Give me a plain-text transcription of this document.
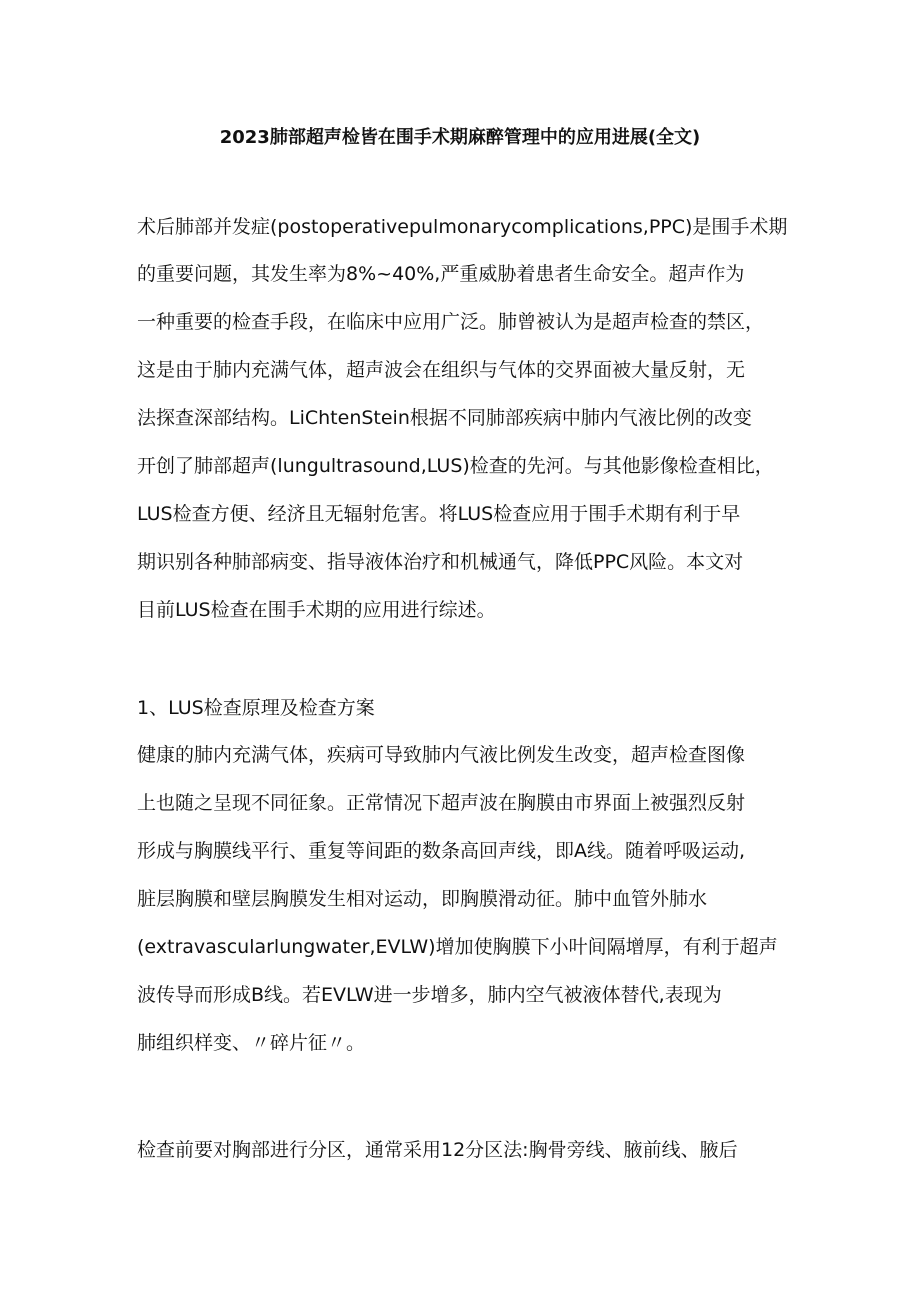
2023肺部超声检皆在围手术期麻醉管理中的应用进展(全文)
术后肺部并发症(postoperativepulmonarycomplications,PPC)是围手术期
的重要问题，其发生率为8%~40%,严重威胁着患者生命安全。超声作为
一种重要的检查手段，在临床中应用广泛。肺曾被认为是超声检查的禁区，
这是由于肺内充满气体，超声波会在组织与气体的交界面被大量反射，无
法探查深部结构。LiChtenStein根据不同肺部疾病中肺内气液比例的改变
开创了肺部超声(lungultrasound,LUS)检查的先河。与其他影像检查相比，
LUS检查方便、经济且无辐射危害。将LUS检查应用于围手术期有利于早
期识别各种肺部病变、指导液体治疗和机械通气，降低PPC风险。本文对
目前LUS检查在围手术期的应用进行综述。
1、LUS检查原理及检查方案
健康的肺内充满气体，疾病可导致肺内气液比例发生改变，超声检查图像
上也随之呈现不同征象。正常情况下超声波在胸膜由市界面上被强烈反射
形成与胸膜线平行、重复等间距的数条高回声线，即A线。随着呼吸运动,
脏层胸膜和壁层胸膜发生相对运动，即胸膜滑动征。肺中血管外肺水
(extravascularlungwater,EVLW)增加使胸膜下小叶间隔增厚，有利于超声
波传导而形成B线。若EVLW进一步增多，肺内空气被液体替代,表现为
肺组织样变、〃碎片征〃。
检查前要对胸部进行分区，通常采用12分区法:胸骨旁线、腋前线、腋后
